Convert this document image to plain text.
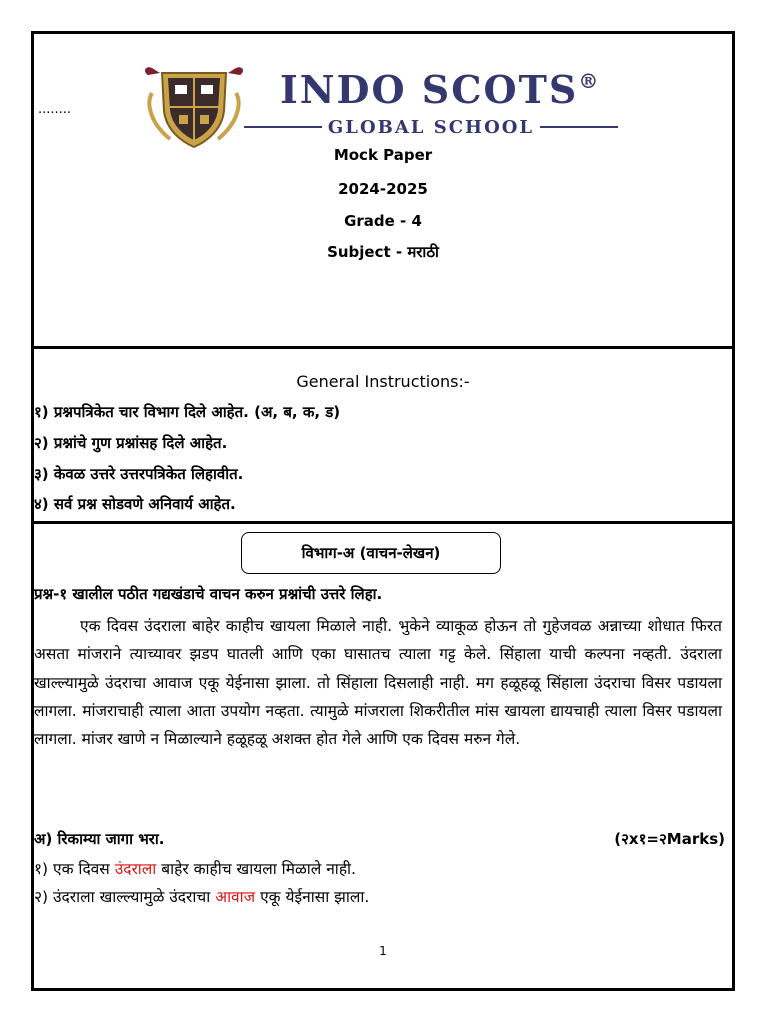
........	INDO SCOTS®
GLOBAL SCHOOL
Mock Paper
2024-2025
Grade - 4
Subject - मराठी
General Instructions:-
१) प्रश्नपत्रिकेत चार विभाग दिले आहेत. (अ, ब, क, ड)
२) प्रश्नांचे गुण प्रश्नांसह दिले आहेत.
३) केवळ उत्तरे उत्तरपत्रिकेत लिहावीत.
४) सर्व प्रश्न सोडवणे अनिवार्य आहेत.
विभाग-अ (वाचन-लेखन)
प्रश्न-१ खालील पठीत गद्यखंडाचे वाचन करुन प्रश्नांची उत्तरे लिहा.
एक दिवस उंदराला बाहेर काहीच खायला मिळाले नाही. भुकेने व्याकूळ होऊन तो गुहेजवळ अन्नाच्या शोधात फिरत असता मांजराने त्याच्यावर झडप घातली आणि एका घासातच त्याला गट्ट केले. सिंहाला याची कल्पना नव्हती. उंदराला खाल्ल्यामुळे उंदराचा आवाज एकू येईनासा झाला. तो सिंहाला दिसलाही नाही. मग हळूहळू सिंहाला उंदराचा विसर पडायला लागला. मांजराचाही त्याला आता उपयोग नव्हता. त्यामुळे मांजराला शिकरीतील मांस खायला द्यायचाही त्याला विसर पडायला लागला. मांजर खाणे न मिळाल्याने हळूहळू अशक्त होत गेले आणि एक दिवस मरुन गेले.
अ) रिकाम्या जागा भरा.	(२x१=२Marks)
१) एक दिवस उंदराला बाहेर काहीच खायला मिळाले नाही.
२) उंदराला खाल्ल्यामुळे उंदराचा आवाज एकू येईनासा झाला.
1
